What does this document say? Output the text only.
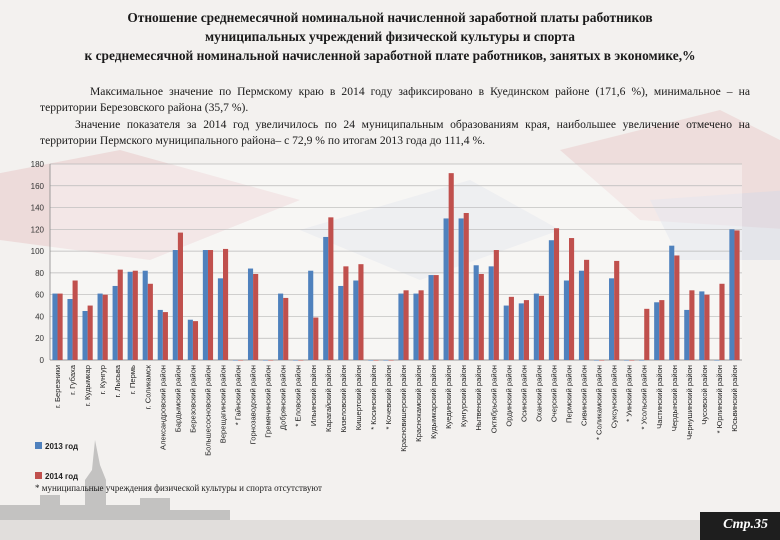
Отношение среднемесячной номинальной начисленной заработной платы работников
муниципальных учреждений физической культуры и спорта
к среднемесячной номинальной начисленной заработной плате работников, занятых в экономике,%

Максимальное значение по Пермскому краю в 2014 году зафиксировано в Куединском районе (171,6 %), минимальное – на территории Березовского района (35,7 %).

Значение показателя за 2014 год увеличилось по 24 муниципальным образованиям края, наибольшее увеличение отмечено на территории Пермского муниципального района– с 72,9 % по итогам 2013 года до 111,4 %.

0
20
40
60
80
100
120
140
160
180
г. Березники г. Губаха г. Кудымкар г. Кунгур г. Лысьва г. Пермь г. Соликамск Александровский район Бардымский район Березовский район Большесосновский район Верещагинский район * Гайнский район Горнозаводский район Гремячинский район Добрянский район * Еловский район Ильинский район Карагайский район Кизеловский район Кишертский район * Косинский район * Кочевский район Красновишерский район Краснокамский район Кудымкарский район Куединский район Кунгурский район Нытвенский район Октябрьский район Ординский район Осинский район Оханский район Очерский район Пермский район Сивинский район * Соликамский район Суксунский район * Уинский район * Усольский район Частинский район Чердынский район Чернушинский район Чусовской район * Юрлинский район Юсьвинский район
2013 год
2014 год
* муниципальные учреждения физической культуры и спорта отсутствуют
Стр.35
